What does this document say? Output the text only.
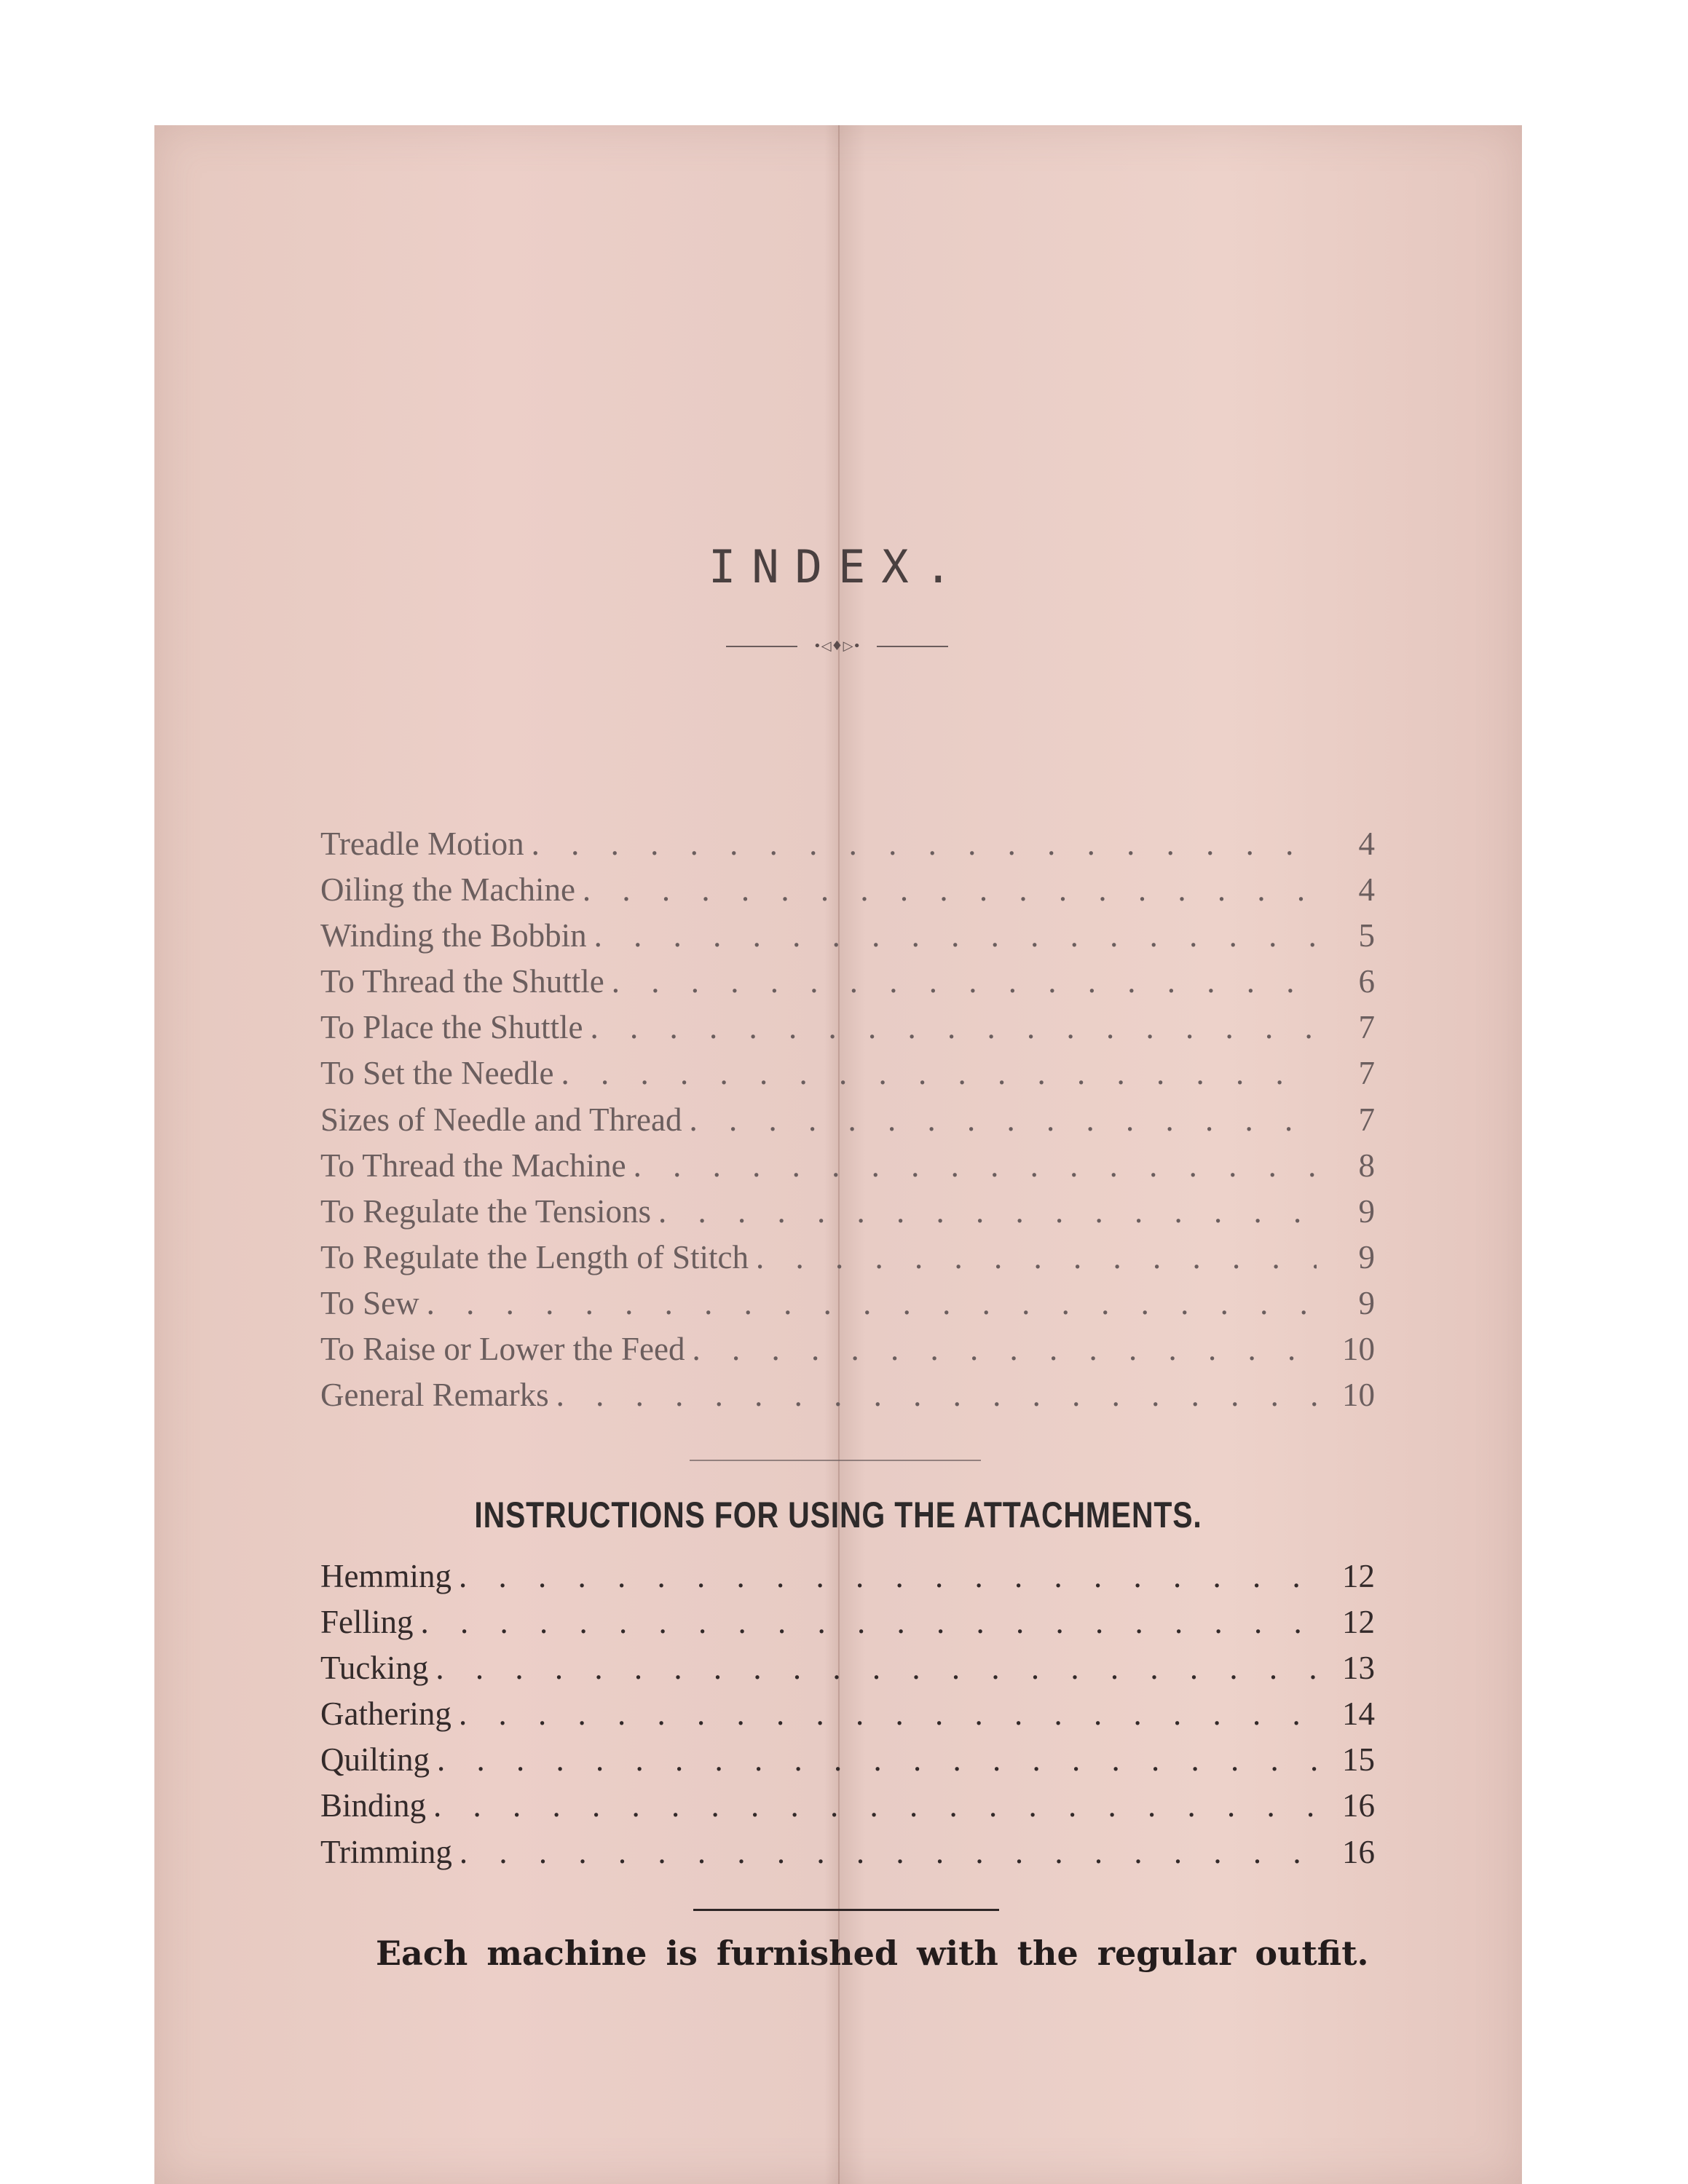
INDEX.
•◁♦▷•
Treadle Motion . . .	4
Oiling the Machine . . .	4
Winding the Bobbin . . .	5
To Thread the Shuttle . . .	6
To Place the Shuttle . . .	7
To Set the Needle . . .	7
Sizes of Needle and Thread . . .	7
To Thread the Machine . . .	8
To Regulate the Tensions . . .	9
To Regulate the Length of Stitch . . .	9
To Sew . . .	9
To Raise or Lower the Feed . . .	10
General Remarks . . .	10
INSTRUCTIONS FOR USING THE ATTACHMENTS.
Hemming . . .	12
Felling . . .	12
Tucking . . .	13
Gathering . . .	14
Quilting . . .	15
Binding . . .	16
Trimming . . .	16
Each machine is furnished with the regular outfit.
